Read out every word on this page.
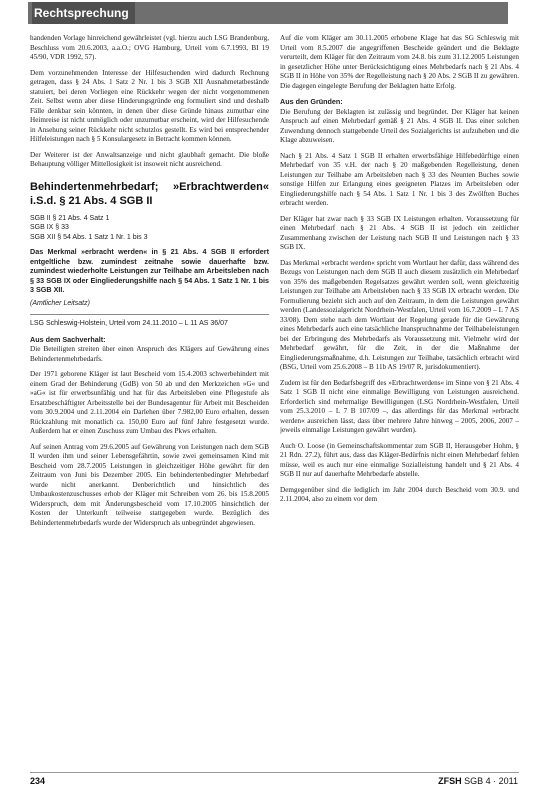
Rechtsprechung

handenden Vorlage hinreichend gewährleistet (vgl. hierzu auch LSG Brandenburg, Beschluss vom 20.6.2003, a.a.O.; OVG Hamburg, Urteil vom 6.7.1993, BI 19 45/90, VDR 1992, 57).

Dem vorzunehmenden Interesse der Hilfesuchenden wird dadurch Rechnung getragen, dass § 24 Abs. 1 Satz 2 Nr. 1 bis 3 SGB XII Ausnahmetatbestände statuiert, bei deren Vorliegen eine Rückkehr wegen der nicht vorgenommenen Zeit. Selbst wenn aber diese Hinderungsgründe eng formuliert sind und deshalb Fälle denkbar sein könnten, in denen über diese Gründe hinaus zumutbar eine Heimreise ist nicht unmöglich oder unzumutbar erscheint, wird der Hilfesuchende in Ansehung seiner Rückkehr nicht schutzlos gestellt. Es wird bei entsprechender Hilfeleistungen nach § 5 Konsulargesetz in Betracht kommen können.

Der Weiterer ist der Anwaltsanzeige und nicht glaubhaft gemacht. Die bloße Behauptung völliger Mittellosigkeit ist insoweit nicht ausreichend.

Behindertenmehrbedarf; »Erbrachtwerden« i.S.d. § 21 Abs. 4 SGB II
SGB II § 21 Abs. 4 Satz 1
SGB IX § 33
SGB XII § 54 Abs. 1 Satz 1 Nr. 1 bis 3
Das Merkmal »erbracht werden« in § 21 Abs. 4 SGB II erfordert entgeltliche bzw. zumindest zeitnahe sowie dauerhafte bzw. zumindest wiederholte Leistungen zur Teilhabe am Arbeitsleben nach § 33 SGB IX oder Eingliederungshilfe nach § 54 Abs. 1 Satz 1 Nr. 1 bis 3 SGB XII.
(Amtlicher Leitsatz)
LSG Schleswig-Holstein, Urteil vom 24.11.2010 – L 11 AS 36/07
Aus dem Sachverhalt:

Die Beteiligten streiten über einen Anspruch des Klägers auf Gewährung eines Behindertenmehrbedarfs.

Der 1971 geborene Kläger ist laut Bescheid vom 15.4.2003 schwerbehindert mit einem Grad der Behinderung (GdB) von 50 ab und den Merkzeichen »G« und »aG« ist für erwerbsunfähig und hat für das Arbeitsleben eine Pflegestufe als Ersatzbeschäftigter Arbeitsstelle bei der Bundesagentur für Arbeit mit Bescheiden vom 30.9.2004 und 2.11.2004 ein Darlehen über 7.982,00 Euro erhalten, dessen Rückzahlung mit monatlich ca. 150,00 Euro auf fünf Jahre festgesetzt wurde. Außerdem hat er einen Zuschuss zum Umbau des Pkws erhalten.

Auf seinen Antrag vom 29.6.2005 auf Gewährung von Leistungen nach dem SGB II wurden ihm und seiner Lebensgefährtin, sowie zwei gemeinsamen Kind mit Bescheid vom 28.7.2005 Leistungen in gleichzeitiger Höhe gewährt für den Zeitraum von Juni bis Dezember 2005. Ein behindertenbedingter Mehrbedarf wurde nicht anerkannt. Denberichtlich und hinsichtlich des Umbaukostenzuschusses erhob der Kläger mit Schreiben vom 26. bis 15.8.2005 Widerspruch, dem mit Änderungsbescheid vom 17.10.2005 hinsichtlich der Kosten der Unterkunft teilweise stattgegeben wurde. Bezüglich des Behindertenmehrbedarfs wurde der Widerspruch als unbegründet abgewiesen.

Auf die vom Kläger am 30.11.2005 erhobene Klage hat das SG Schleswig mit Urteil vom 8.5.2007 die angegriffenen Bescheide geändert und die Beklagte verurteilt, dem Kläger für den Zeitraum vom 24.8. bis zum 31.12.2005 Leistungen in gesetzlicher Höhe unter Berücksichtigung eines Mehrbedarfs nach § 21 Abs. 4 SGB II in Höhe von 35% der Regelleistung nach § 20 Abs. 2 SGB II zu gewähren. Die dagegen eingelegte Berufung der Beklagten hatte Erfolg.

Aus den Gründen:

Die Berufung der Beklagten ist zulässig und begründet. Der Kläger hat keinen Anspruch auf einen Mehrbedarf gemäß § 21 Abs. 4 SGB II. Das einer solchen Zuwendung dennoch stattgebende Urteil des Sozialgerichts ist aufzuheben und die Klage abzuweisen.

Nach § 21 Abs. 4 Satz 1 SGB II erhalten erwerbsfähige Hilfebedürftige einen Mehrbedarf von 35 v.H. der nach § 20 maßgebenden Regelleistung, denen Leistungen zur Teilhabe am Arbeitsleben nach § 33 des Neunten Buches sowie sonstige Hilfen zur Erlangung eines geeigneten Platzes im Arbeitsleben oder Eingliederungshilfe nach § 54 Abs. 1 Satz 1 Nr. 1 bis 3 des Zwölften Buches erbracht werden.

Der Kläger hat zwar nach § 33 SGB IX Leistungen erhalten. Voraussetzung für einen Mehrbedarf nach § 21 Abs. 4 SGB II ist jedoch ein zeitlicher Zusammenhang zwischen der Leistung nach SGB II und Leistungen nach § 33 SGB IX.

Das Merkmal »erbracht werden« spricht vom Wortlaut her dafür, dass während des Bezugs von Leistungen nach dem SGB II auch diesem zusätzlich ein Mehrbedarf von 35% des maßgebenden Regelsatzes gewährt werden soll, wenn gleichzeitig Leistungen zur Teilhabe am Arbeitsleben nach § 33 SGB IX erbracht werden. Die Formulierung bezieht sich auch auf den Zeitraum, in dem die Leistungen gewährt werden (Landessozialgericht Nordrhein-Westfalen, Urteil vom 16.7.2009 – L 7 AS 33/08). Dem stehe nach dem Wortlaut der Regelung gerade für die Gewährung eines Mehrbedarfs auch eine tatsächliche Inanspruchnahme der Teilhabeleistungen bei der Erbringung des Mehrbedarfs als Voraussetzung mit. Vielmehr wird der Mehrbedarf gewährt, für die Zeit, in der die Maßnahme der Eingliederungsmaßnahme, d.h. Leistungen zur Teilhabe, tatsächlich erbracht wird (BSG, Urteil vom 25.6.2008 – B 11b AS 19/07 R, jurisdokumentiert).

Zudem ist für den Bedarfsbegriff des »Erbrachtwerdens« im Sinne von § 21 Abs. 4 Satz 1 SGB II nicht eine einmalige Bewilligung von Leistungen ausreichend. Erforderlich sind mehrmalige Bewilligungen (LSG Nordrhein-Westfalen, Urteil vom 25.3.2010 – L 7 B 107/09 –, das allerdings für das Merkmal »erbracht werden« ausreichen lässt, dass über mehrere Jahre hinweg – 2005, 2006, 2007 – jeweils einmalige Leistungen gewährt wurden).

Auch O. Loose (in Gemeinschaftskommentar zum SGB II, Herausgeber Hohm, § 21 Rdn. 27.2), führt aus, dass das Kläger-Bedürfnis nicht einen Mehrbedarf fehlen müsse, weil es auch nur eine einmalige Sozialleistung handelt und § 21 Abs. 4 SGB II nur auf dauerhafte Mehrbedarfe abstelle.

Demgegenüber sind die lediglich im Jahr 2004 durch Bescheid vom 30.9. und 2.11.2004, also zu einem vor dem

234	ZFSH SGB 4 · 2011
